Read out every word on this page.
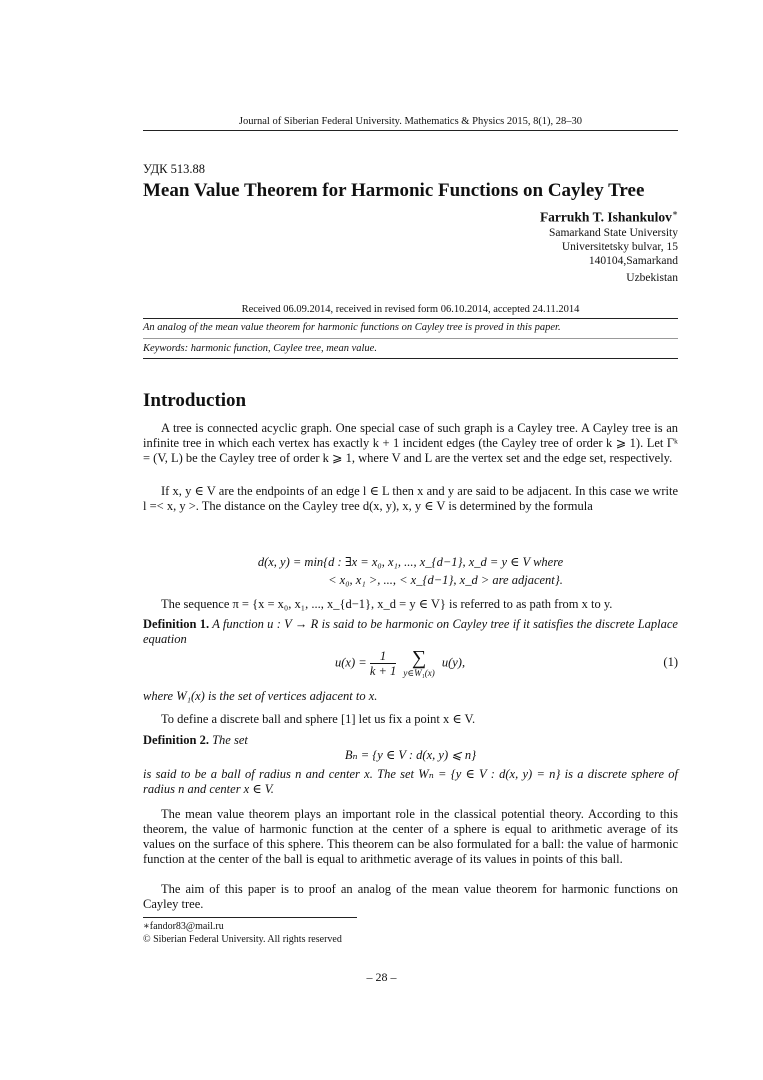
Journal of Siberian Federal University. Mathematics & Physics 2015, 8(1), 28–30
УДК 513.88
Mean Value Theorem for Harmonic Functions on Cayley Tree
Farrukh T. Ishankulov∗
Samarkand State University
Universitetsky bulvar, 15
140104,Samarkand
Uzbekistan
Received 06.09.2014, received in revised form 06.10.2014, accepted 24.11.2014
An analog of the mean value theorem for harmonic functions on Cayley tree is proved in this paper.
Keywords: harmonic function, Caylee tree, mean value.
Introduction
A tree is connected acyclic graph. One special case of such graph is a Cayley tree. A Cayley tree is an infinite tree in which each vertex has exactly k + 1 incident edges (the Cayley tree of order k ⩾ 1). Let Γᵏ = (V, L) be the Cayley tree of order k ⩾ 1, where V and L are the vertex set and the edge set, respectively.
If x, y ∈ V are the endpoints of an edge l ∈ L then x and y are said to be adjacent. In this case we write l =< x, y >. The distance on the Cayley tree d(x, y), x, y ∈ V is determined by the formula
d(x, y) = min{d : ∃x = x₀, x₁, ..., x_{d−1}, x_d = y ∈ V where
< x₀, x₁ >, ..., < x_{d−1}, x_d > are adjacent}.
The sequence π = {x = x₀, x₁, ..., x_{d−1}, x_d = y ∈ V} is referred to as path from x to y.
Definition 1. A function u : V → R is said to be harmonic on Cayley tree if it satisfies the discrete Laplace equation
$u(x) = \frac{1}{k + 1}$
∑
y∈W₁(x)
u(y),	(1)
where W₁(x) is the set of vertices adjacent to x.
To define a discrete ball and sphere [1] let us fix a point x ∈ V.
Definition 2. The set
Bₙ = {y ∈ V : d(x, y) ⩽ n}
is said to be a ball of radius n and center x. The set Wₙ = {y ∈ V : d(x, y) = n} is a discrete sphere of radius n and center x ∈ V.
The mean value theorem plays an important role in the classical potential theory. According to this theorem, the value of harmonic function at the center of a sphere is equal to arithmetic average of its values on the surface of this sphere. This theorem can be also formulated for a ball: the value of harmonic function at the center of the ball is equal to arithmetic average of its values in points of this ball.
The aim of this paper is to proof an analog of the mean value theorem for harmonic functions on Cayley tree.
∗fandor83@mail.ru
© Siberian Federal University. All rights reserved
– 28 –
